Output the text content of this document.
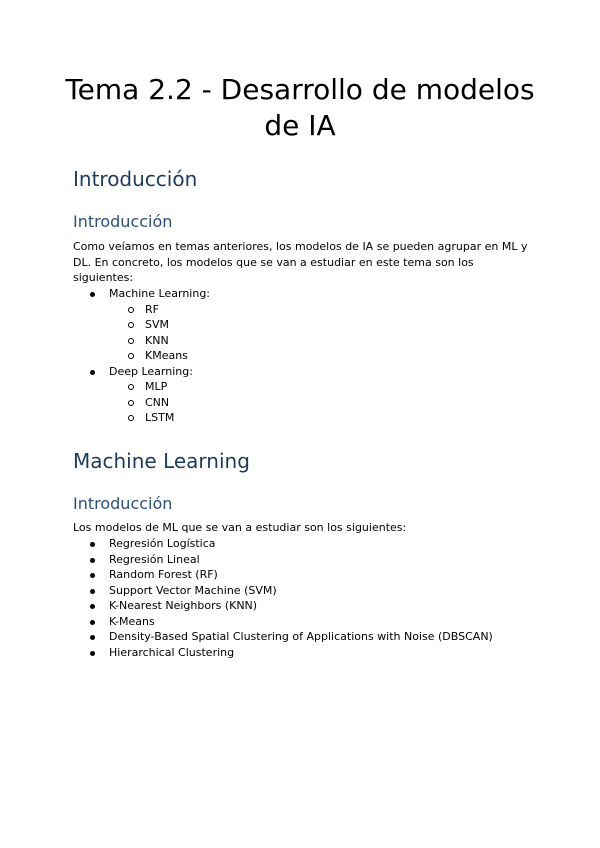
Tema 2.2 - Desarrollo de modelos de IA
Introducción
Introducción

Como veíamos en temas anteriores, los modelos de IA se pueden agrupar en ML y DL. En concreto, los modelos que se van a estudiar en este tema son los siguientes:

Machine Learning:
RF
SVM
KNN
KMeans
Deep Learning:
MLP
CNN
LSTM
Machine Learning
Introducción

Los modelos de ML que se van a estudiar son los siguientes:

Regresión Logística
Regresión Lineal
Random Forest (RF)
Support Vector Machine (SVM)
K-Nearest Neighbors (KNN)
K-Means
Density-Based Spatial Clustering of Applications with Noise (DBSCAN)
Hierarchical Clustering
